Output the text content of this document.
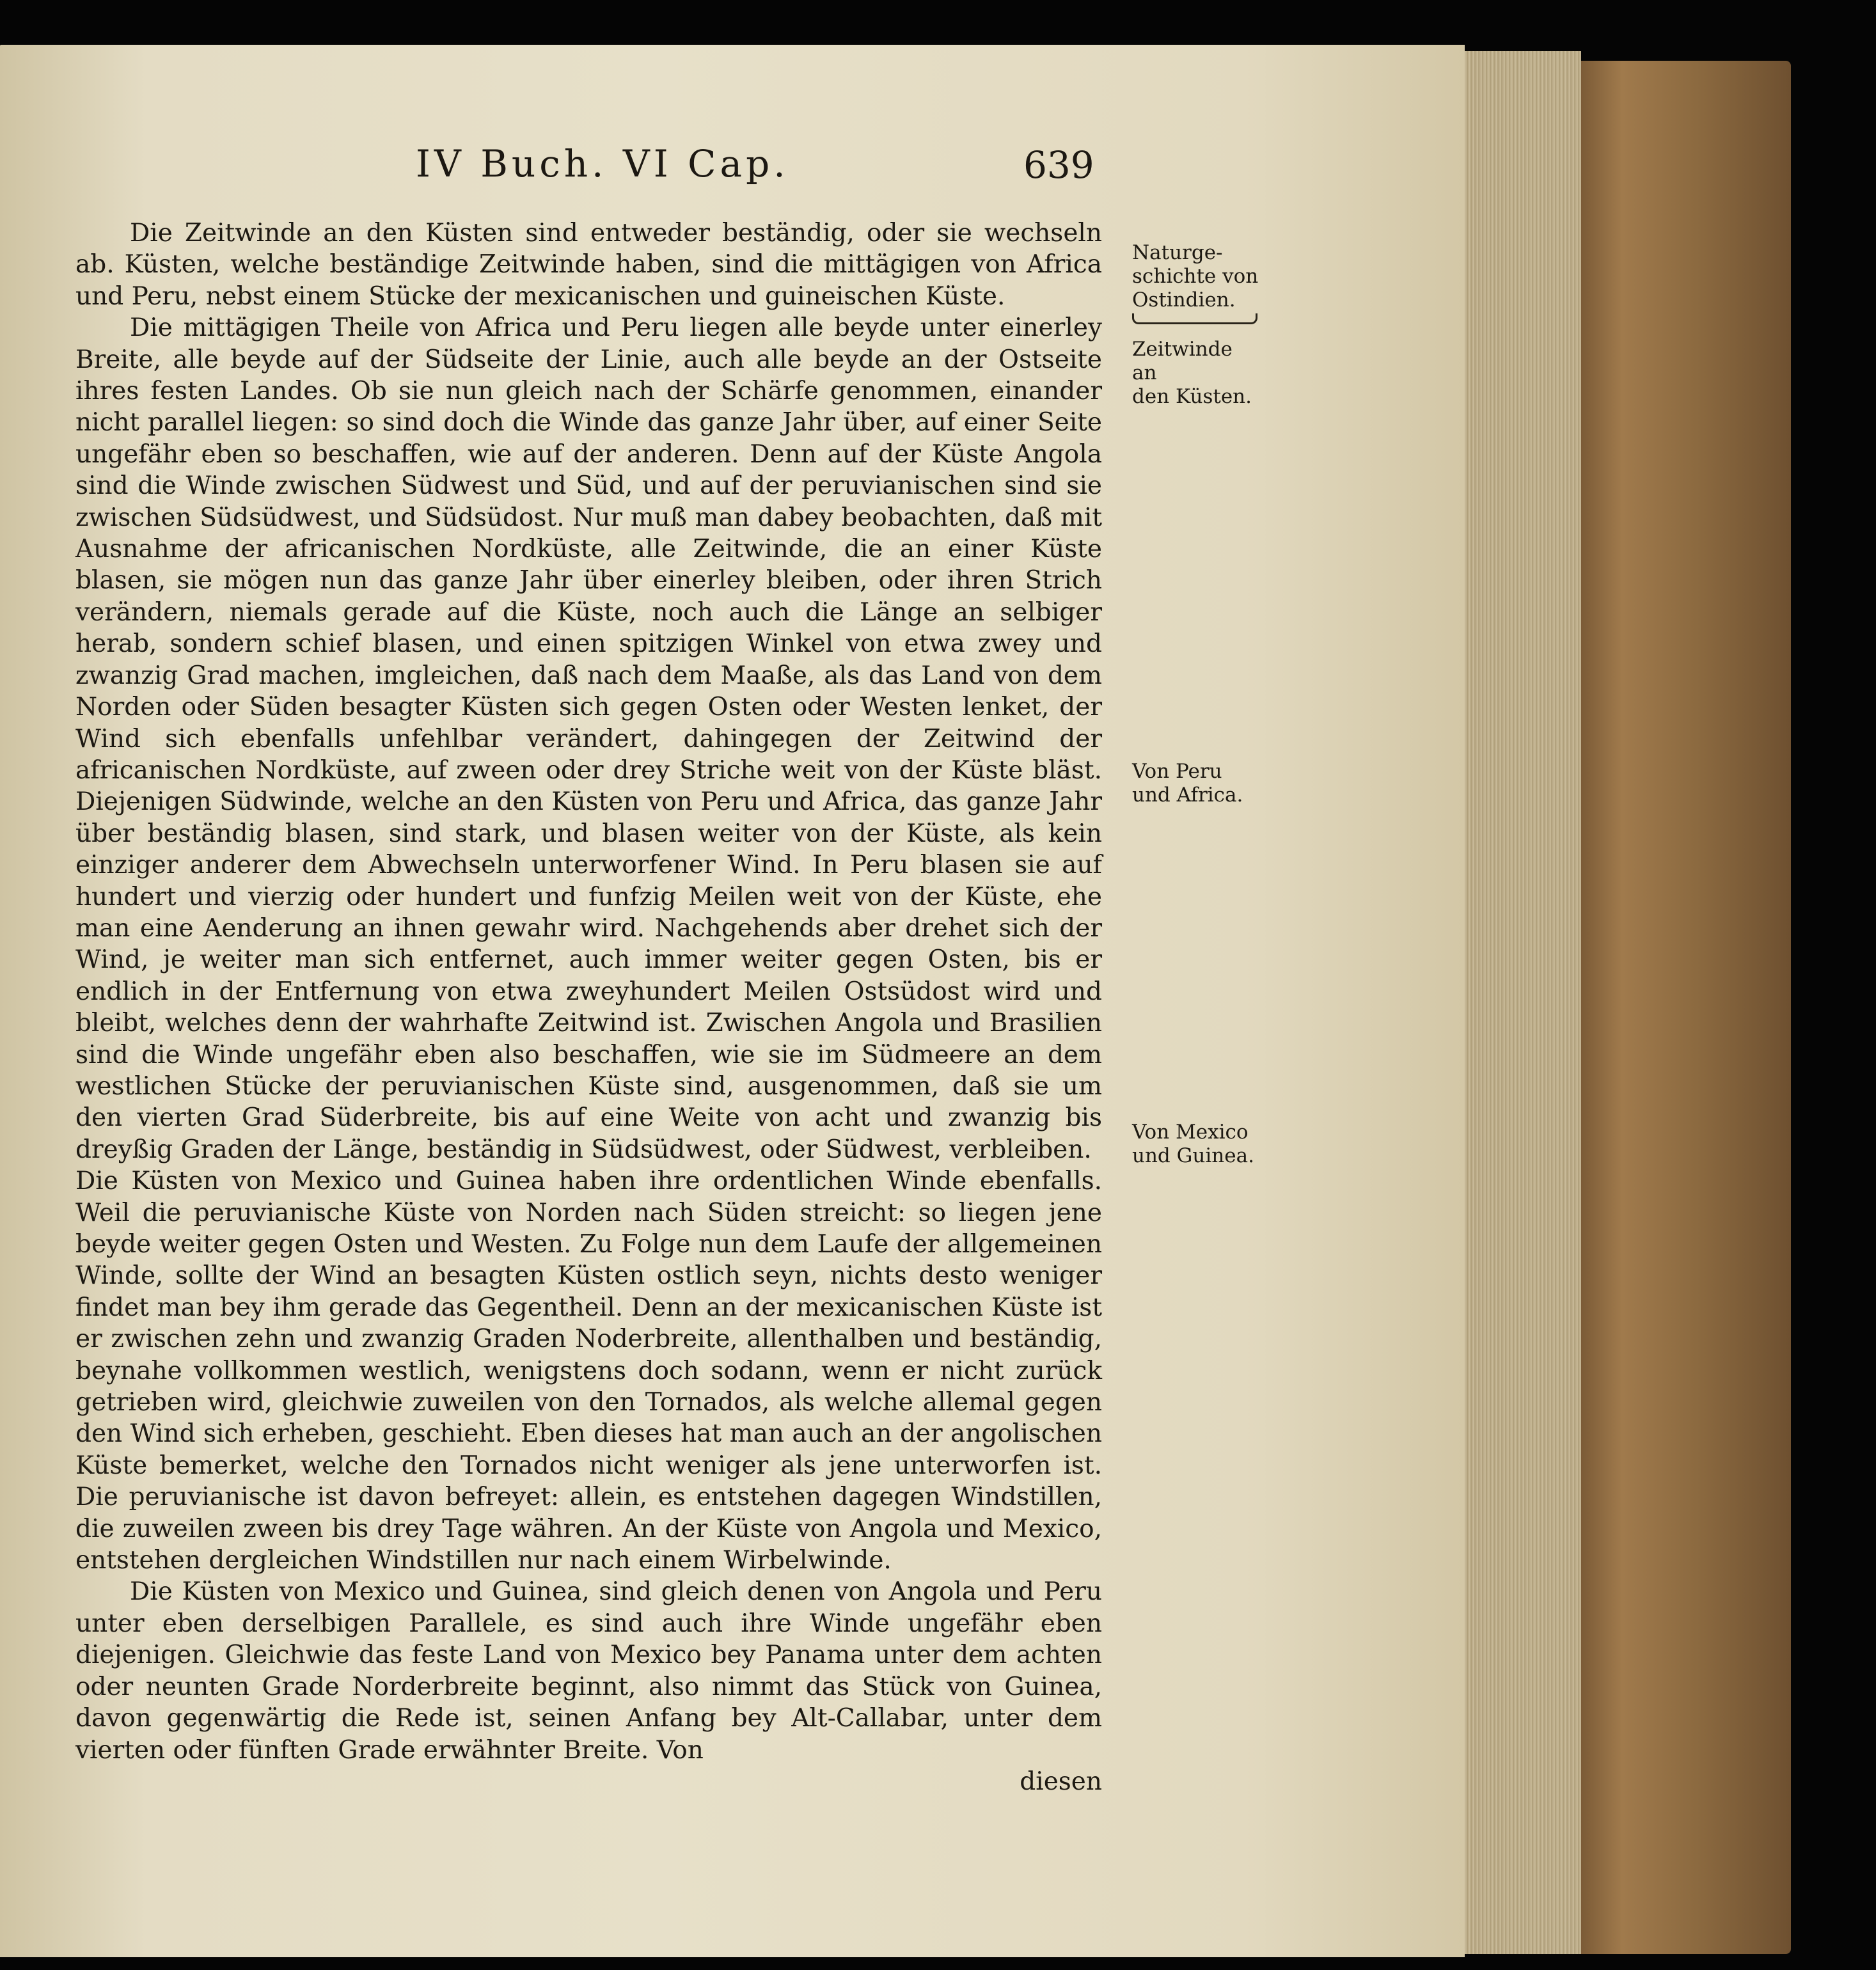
IV Buch. VI Cap.	639

Naturge-
schichte von
Ostindien.

Zeitwinde an
den Küsten.
Von Peru
und Africa.
Von Mexico
und Guinea.

Die Zeitwinde an den Küsten sind entweder beständig, oder sie wechseln ab. Küsten, welche beständige Zeitwinde haben, sind die mittägigen von Africa und Peru, nebst einem Stücke der mexicanischen und guineischen Küste.

Die mittägigen Theile von Africa und Peru liegen alle beyde unter einerley Breite, alle beyde auf der Südseite der Linie, auch alle beyde an der Ostseite ihres festen Landes. Ob sie nun gleich nach der Schärfe genommen, einander nicht parallel liegen: so sind doch die Winde das ganze Jahr über, auf einer Seite ungefähr eben so beschaffen, wie auf der anderen. Denn auf der Küste Angola sind die Winde zwischen Südwest und Süd, und auf der peruvianischen sind sie zwischen Südsüdwest, und Südsüdost. Nur muß man dabey beobachten, daß mit Ausnahme der africanischen Nordküste, alle Zeitwinde, die an einer Küste blasen, sie mögen nun das ganze Jahr über einerley bleiben, oder ihren Strich verändern, niemals gerade auf die Küste, noch auch die Länge an selbiger herab, sondern schief blasen, und einen spitzigen Winkel von etwa zwey und zwanzig Grad machen, imgleichen, daß nach dem Maaße, als das Land von dem Norden oder Süden besagter Küsten sich gegen Osten oder Westen lenket, der Wind sich ebenfalls unfehlbar verändert, dahingegen der Zeitwind der africanischen Nordküste, auf zween oder drey Striche weit von der Küste bläst. Diejenigen Südwinde, welche an den Küsten von Peru und Africa, das ganze Jahr über beständig blasen, sind stark, und blasen weiter von der Küste, als kein einziger anderer dem Abwechseln unterworfener Wind. In Peru blasen sie auf hundert und vierzig oder hundert und funfzig Meilen weit von der Küste, ehe man eine Aenderung an ihnen gewahr wird. Nachgehends aber drehet sich der Wind, je weiter man sich entfernet, auch immer weiter gegen Osten, bis er endlich in der Entfernung von etwa zweyhundert Meilen Ostsüdost wird und bleibt, welches denn der wahrhafte Zeitwind ist. Zwischen Angola und Brasilien sind die Winde ungefähr eben also beschaffen, wie sie im Südmeere an dem westlichen Stücke der peruvianischen Küste sind, ausgenommen, daß sie um den vierten Grad Süderbreite, bis auf eine Weite von acht und zwanzig bis dreyßig Graden der Länge, beständig in Südsüdwest, oder Südwest, verbleiben.

Die Küsten von Mexico und Guinea haben ihre ordentlichen Winde ebenfalls. Weil die peruvianische Küste von Norden nach Süden streicht: so liegen jene beyde weiter gegen Osten und Westen. Zu Folge nun dem Laufe der allgemeinen Winde, sollte der Wind an besagten Küsten ostlich seyn, nichts desto weniger findet man bey ihm gerade das Gegentheil. Denn an der mexicanischen Küste ist er zwischen zehn und zwanzig Graden Noderbreite, allenthalben und beständig, beynahe vollkommen westlich, wenigstens doch sodann, wenn er nicht zurück getrieben wird, gleichwie zuweilen von den Tornados, als welche allemal gegen den Wind sich erheben, geschieht. Eben dieses hat man auch an der angolischen Küste bemerket, welche den Tornados nicht weniger als jene unterworfen ist. Die peruvianische ist davon befreyet: allein, es entstehen dagegen Windstillen, die zuweilen zween bis drey Tage währen. An der Küste von Angola und Mexico, entstehen dergleichen Windstillen nur nach einem Wirbelwinde.

Die Küsten von Mexico und Guinea, sind gleich denen von Angola und Peru unter eben derselbigen Parallele, es sind auch ihre Winde ungefähr eben diejenigen. Gleichwie das feste Land von Mexico bey Panama unter dem achten oder neunten Grade Norderbreite beginnt, also nimmt das Stück von Guinea, davon gegenwärtig die Rede ist, seinen Anfang bey Alt-Callabar, unter dem vierten oder fünften Grade erwähnter Breite. Von

diesen
